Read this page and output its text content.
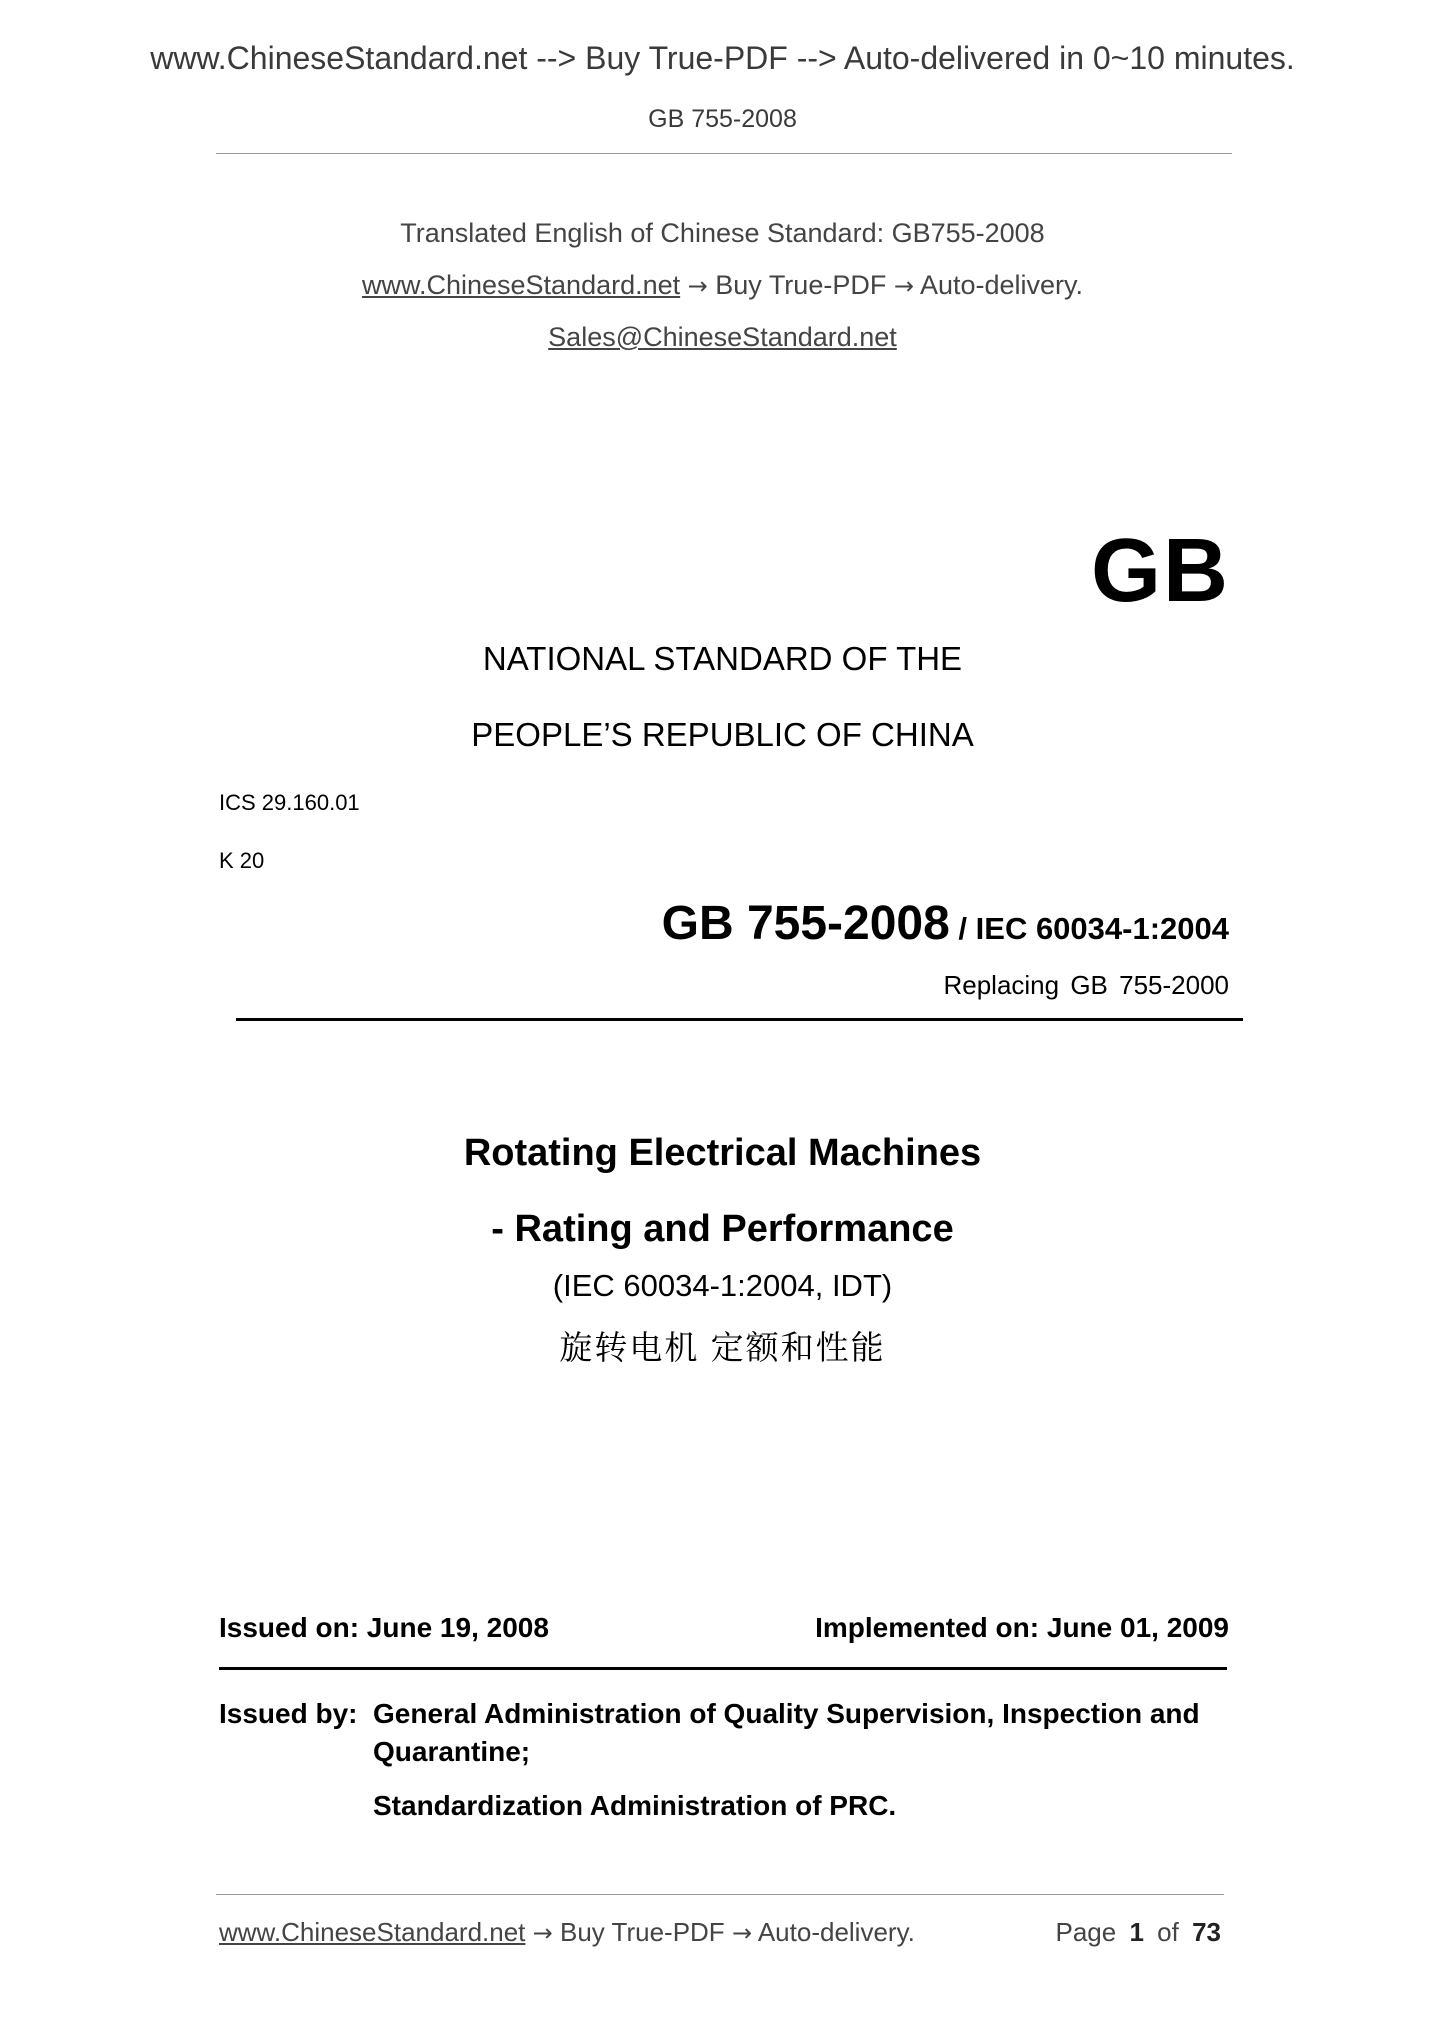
www.ChineseStandard.net --> Buy True-PDF --> Auto-delivered in 0~10 minutes.
GB 755-2008
Translated English of Chinese Standard: GB755-2008
www.ChineseStandard.net → Buy True-PDF → Auto-delivery.
Sales@ChineseStandard.net
GB
NATIONAL STANDARD OF THE
PEOPLE’S REPUBLIC OF CHINA
ICS 29.160.01
K 20
GB 755-2008 / IEC 60034-1:2004
Replacing GB 755-2000
Rotating Electrical Machines
- Rating and Performance
(IEC 60034-1:2004, IDT)
旋转电机 定额和性能
Issued on: June 19, 2008	Implemented on: June 01, 2009
Issued by: General Administration of Quality Supervision, Inspection and
Quarantine;
Standardization Administration of PRC.
www.ChineseStandard.net → Buy True-PDF → Auto-delivery.	Page 1 of 73
